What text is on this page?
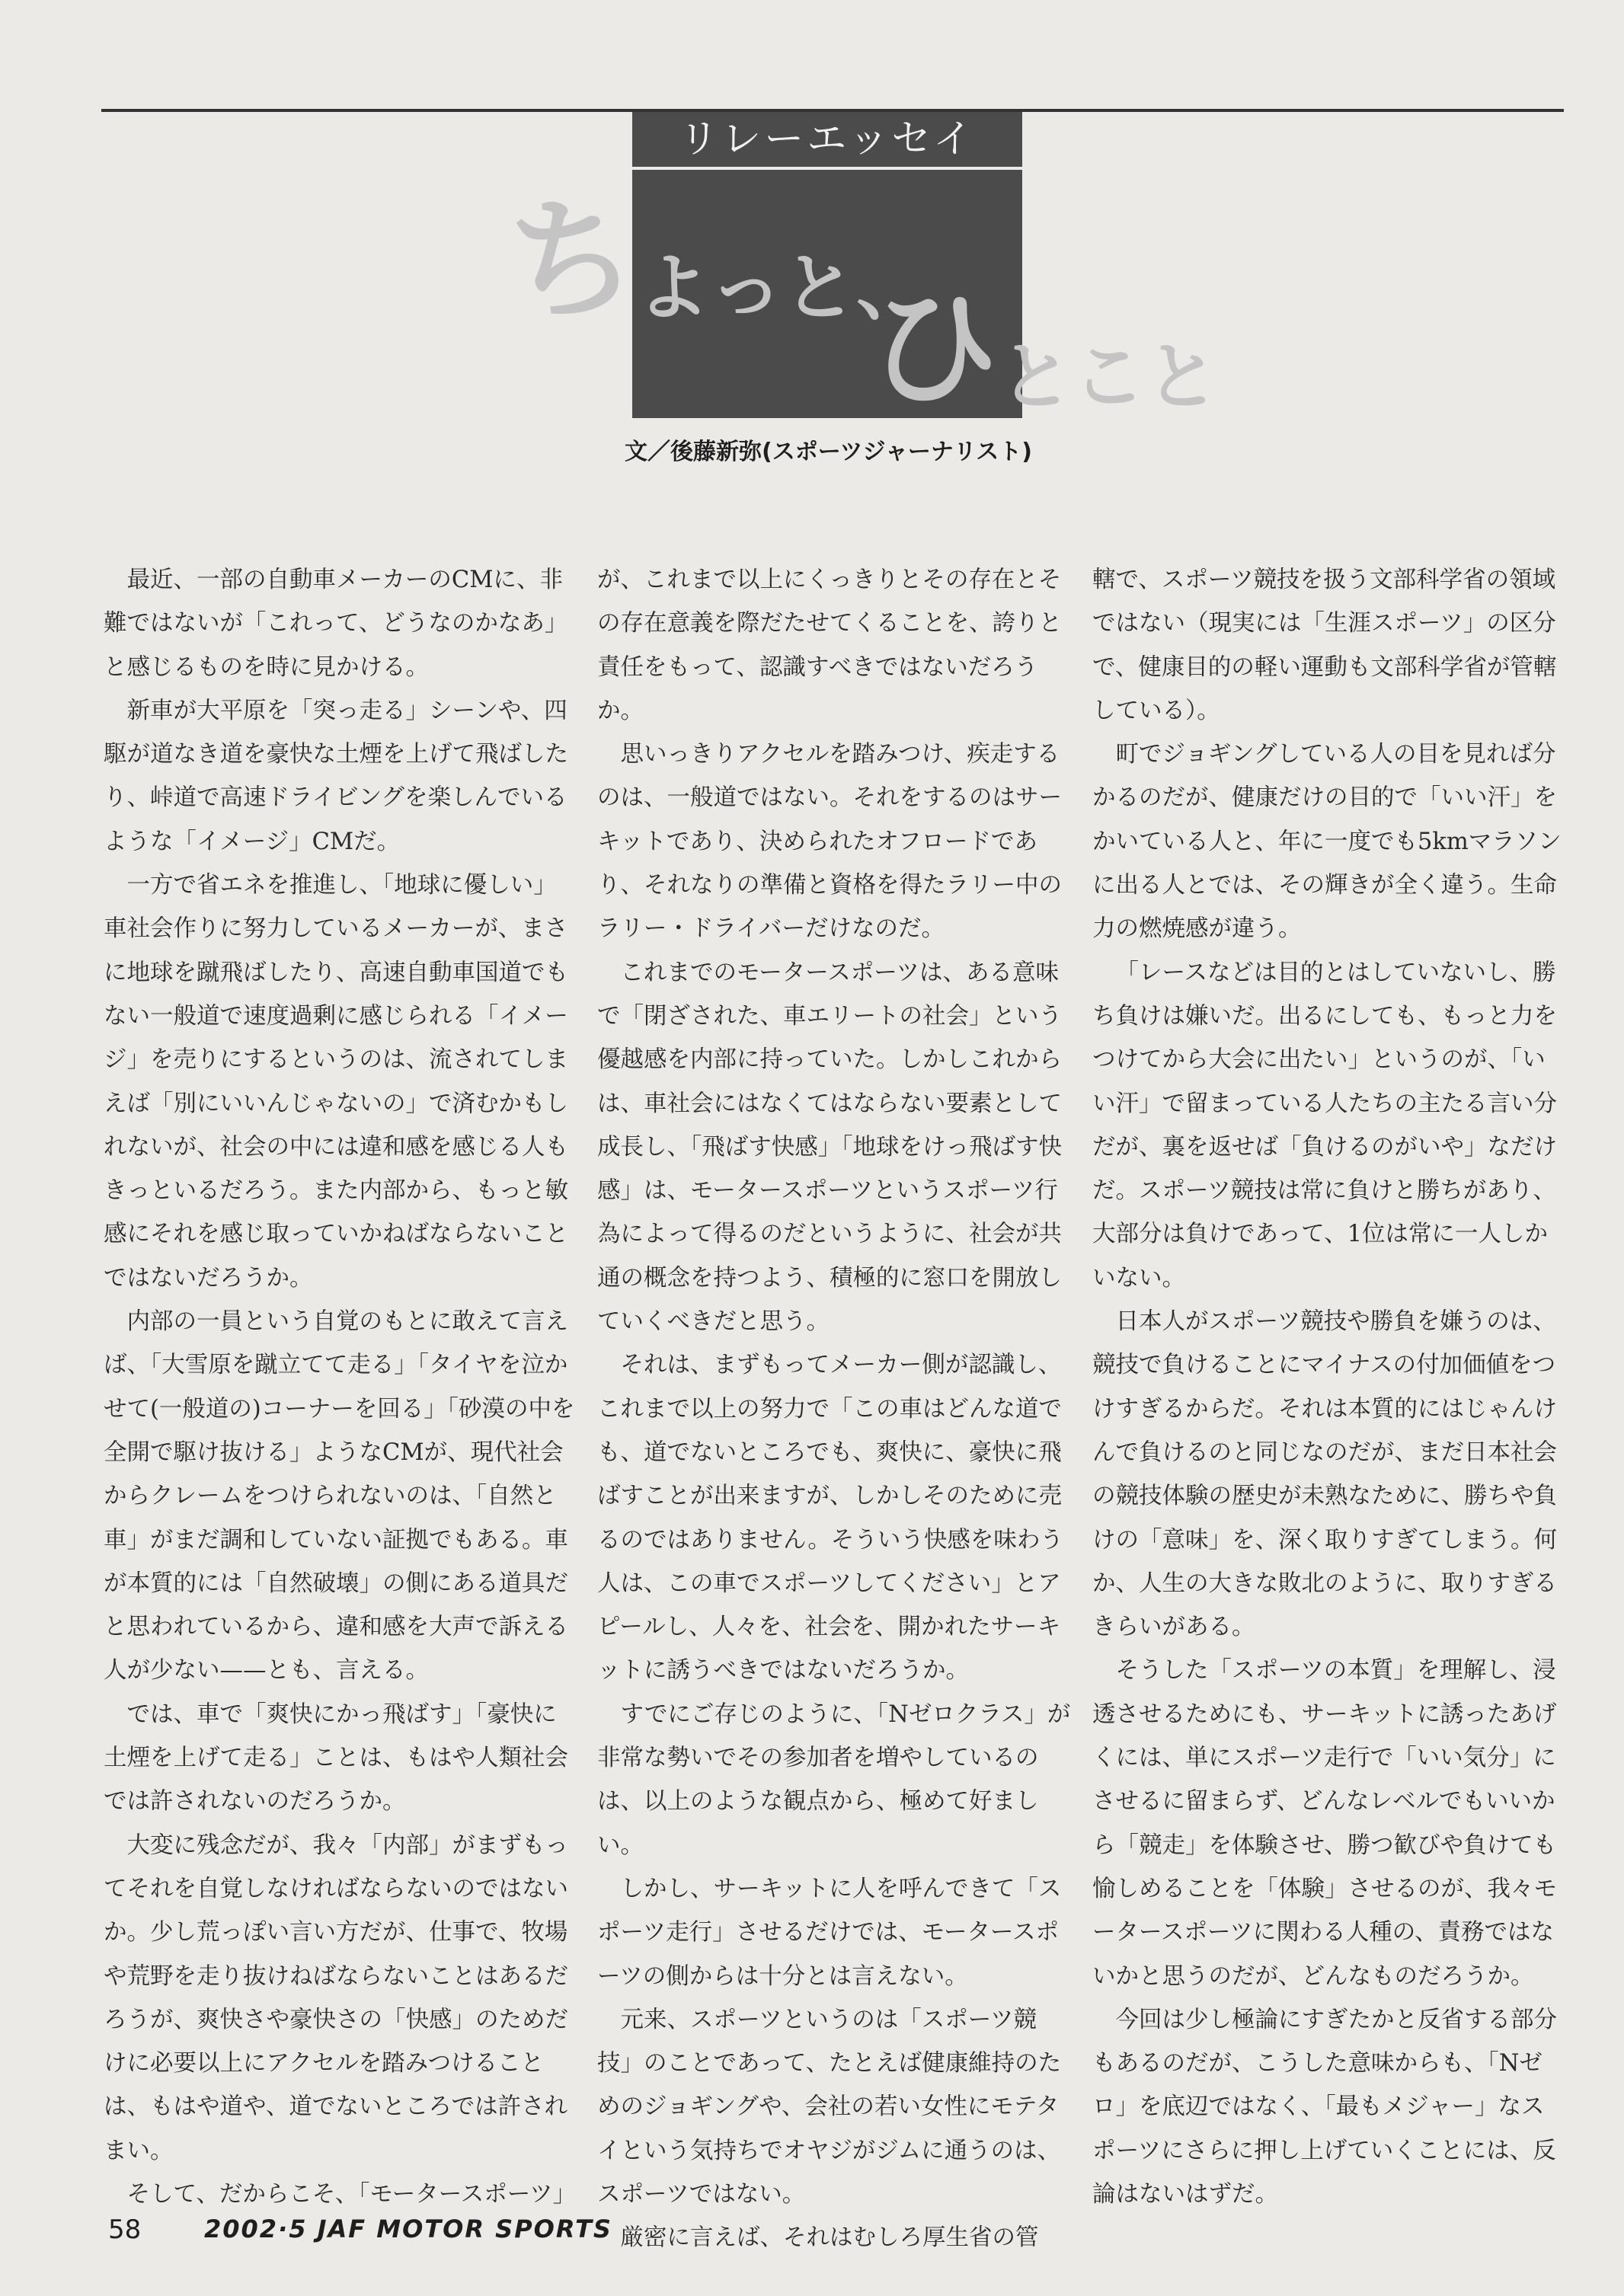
リレーエッセイ
ち よっと、
ひ とこと
文／後藤新弥(スポーツジャーナリスト)

最近、一部の自動車メーカーのCMに、非難ではないが「これって、どうなのかなあ」と感じるものを時に見かける。

新車が大平原を「突っ走る」シーンや、四駆が道なき道を豪快な土煙を上げて飛ばしたり、峠道で高速ドライビングを楽しんでいるような「イメージ」CMだ。

一方で省エネを推進し、「地球に優しい」車社会作りに努力しているメーカーが、まさに地球を蹴飛ばしたり、高速自動車国道でもない一般道で速度過剰に感じられる「イメージ」を売りにするというのは、流されてしまえば「別にいいんじゃないの」で済むかもしれないが、社会の中には違和感を感じる人もきっといるだろう。また内部から、もっと敏感にそれを感じ取っていかねばならないことではないだろうか。

内部の一員という自覚のもとに敢えて言えば、「大雪原を蹴立てて走る」「タイヤを泣かせて(一般道の)コーナーを回る」「砂漠の中を全開で駆け抜ける」ようなCMが、現代社会からクレームをつけられないのは、「自然と車」がまだ調和していない証拠でもある。車が本質的には「自然破壊」の側にある道具だと思われているから、違和感を大声で訴える人が少ない——とも、言える。

では、車で「爽快にかっ飛ばす」「豪快に土煙を上げて走る」ことは、もはや人類社会では許されないのだろうか。

大変に残念だが、我々「内部」がまずもってそれを自覚しなければならないのではないか。少し荒っぽい言い方だが、仕事で、牧場や荒野を走り抜けねばならないことはあるだろうが、爽快さや豪快さの「快感」のためだけに必要以上にアクセルを踏みつけることは、もはや道や、道でないところでは許されまい。

そして、だからこそ、「モータースポーツ」

が、これまで以上にくっきりとその存在とその存在意義を際だたせてくることを、誇りと責任をもって、認識すべきではないだろうか。

思いっきりアクセルを踏みつけ、疾走するのは、一般道ではない。それをするのはサーキットであり、決められたオフロードであり、それなりの準備と資格を得たラリー中のラリー・ドライバーだけなのだ。

これまでのモータースポーツは、ある意味で「閉ざされた、車エリートの社会」という優越感を内部に持っていた。しかしこれからは、車社会にはなくてはならない要素として成長し、「飛ばす快感」「地球をけっ飛ばす快感」は、モータースポーツというスポーツ行為によって得るのだというように、社会が共通の概念を持つよう、積極的に窓口を開放していくべきだと思う。

それは、まずもってメーカー側が認識し、これまで以上の努力で「この車はどんな道でも、道でないところでも、爽快に、豪快に飛ばすことが出来ますが、しかしそのために売るのではありません。そういう快感を味わう人は、この車でスポーツしてください」とアピールし、人々を、社会を、開かれたサーキットに誘うべきではないだろうか。

すでにご存じのように、「Nゼロクラス」が非常な勢いでその参加者を増やしているのは、以上のような観点から、極めて好ましい。

しかし、サーキットに人を呼んできて「スポーツ走行」させるだけでは、モータースポーツの側からは十分とは言えない。

元来、スポーツというのは「スポーツ競技」のことであって、たとえば健康維持のためのジョギングや、会社の若い女性にモテタイという気持ちでオヤジがジムに通うのは、スポーツではない。

厳密に言えば、それはむしろ厚生省の管

轄で、スポーツ競技を扱う文部科学省の領域ではない（現実には「生涯スポーツ」の区分で、健康目的の軽い運動も文部科学省が管轄している）。

町でジョギングしている人の目を見れば分かるのだが、健康だけの目的で「いい汗」をかいている人と、年に一度でも5kmマラソンに出る人とでは、その輝きが全く違う。生命力の燃焼感が違う。

「レースなどは目的とはしていないし、勝ち負けは嫌いだ。出るにしても、もっと力をつけてから大会に出たい」というのが、「いい汗」で留まっている人たちの主たる言い分だが、裏を返せば「負けるのがいや」なだけだ。スポーツ競技は常に負けと勝ちがあり、大部分は負けであって、1位は常に一人しかいない。

日本人がスポーツ競技や勝負を嫌うのは、競技で負けることにマイナスの付加価値をつけすぎるからだ。それは本質的にはじゃんけんで負けるのと同じなのだが、まだ日本社会の競技体験の歴史が未熟なために、勝ちや負けの「意味」を、深く取りすぎてしまう。何か、人生の大きな敗北のように、取りすぎるきらいがある。

そうした「スポーツの本質」を理解し、浸透させるためにも、サーキットに誘ったあげくには、単にスポーツ走行で「いい気分」にさせるに留まらず、どんなレベルでもいいから「競走」を体験させ、勝つ歓びや負けても愉しめることを「体験」させるのが、我々モータースポーツに関わる人種の、責務ではないかと思うのだが、どんなものだろうか。

今回は少し極論にすぎたかと反省する部分もあるのだが、こうした意味からも、「Nゼロ」を底辺ではなく、「最もメジャー」なスポーツにさらに押し上げていくことには、反論はないはずだ。

58	2002·5 JAF MOTOR SPORTS
